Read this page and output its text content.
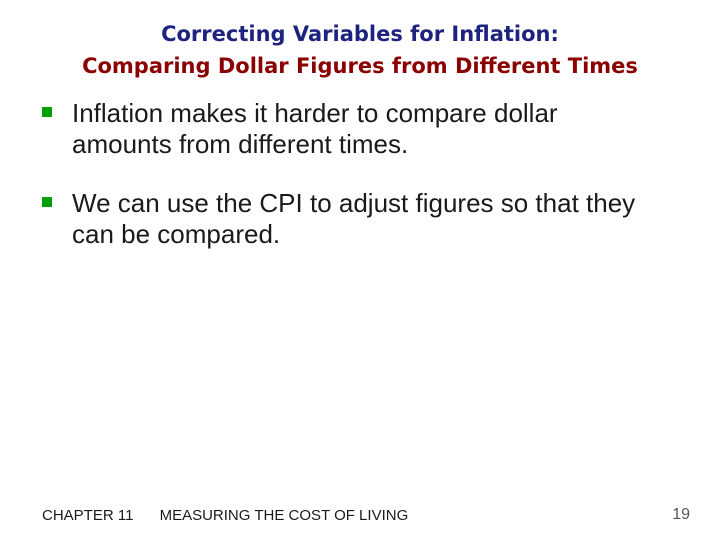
Correcting Variables for Inflation:
Comparing Dollar Figures from Different Times
Inflation makes it harder to compare dollar
amounts from different times.
We can use the CPI to adjust figures so that they
can be compared.
CHAPTER 11 MEASURING THE COST OF LIVING	19
